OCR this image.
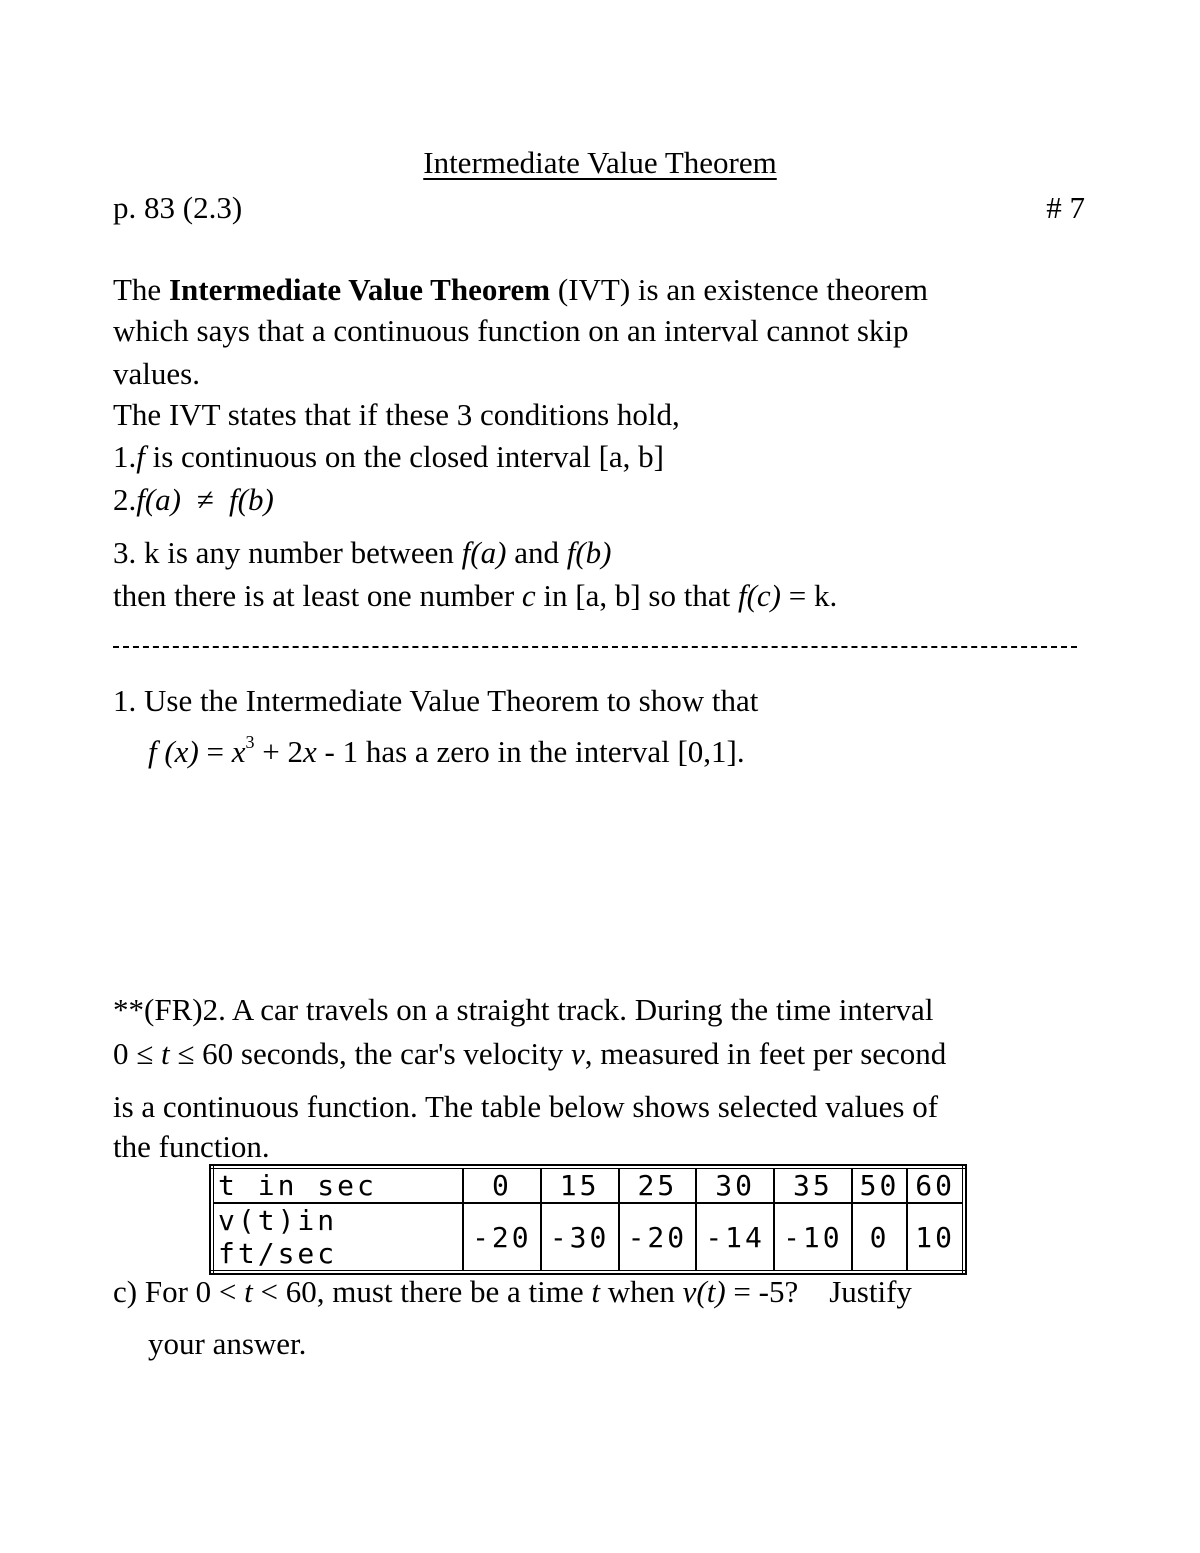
Intermediate Value Theorem
p. 83 (2.3)	# 7
The Intermediate Value Theorem (IVT) is an existence theorem
which says that a continuous function on an interval cannot skip
values.
The IVT states that if these 3 conditions hold,
1.f is continuous on the closed interval [a, b]
2.f(a)  ≠  f(b)
3. k is any number between f(a) and f(b)
then there is at least one number c in [a, b] so that f(c) = k.
1. Use the Intermediate Value Theorem to show that
f $(x) = x^3 + 2x - 1$ has a zero in the interval [0,1].
**(FR)2. A car travels on a straight track. During the time interval
0 ≤ t ≤ 60 seconds, the car's velocity v, measured in feet per second
is a continuous function. The table below shows selected values of
the function.
t in sec	0	15	25	30	35	50	60
v(t)in ft/sec	-20	-30	-20	-14	-10	0	10
c) For 0 < t < 60, must there be a time t when v(t) = -5?    Justify
your answer.
